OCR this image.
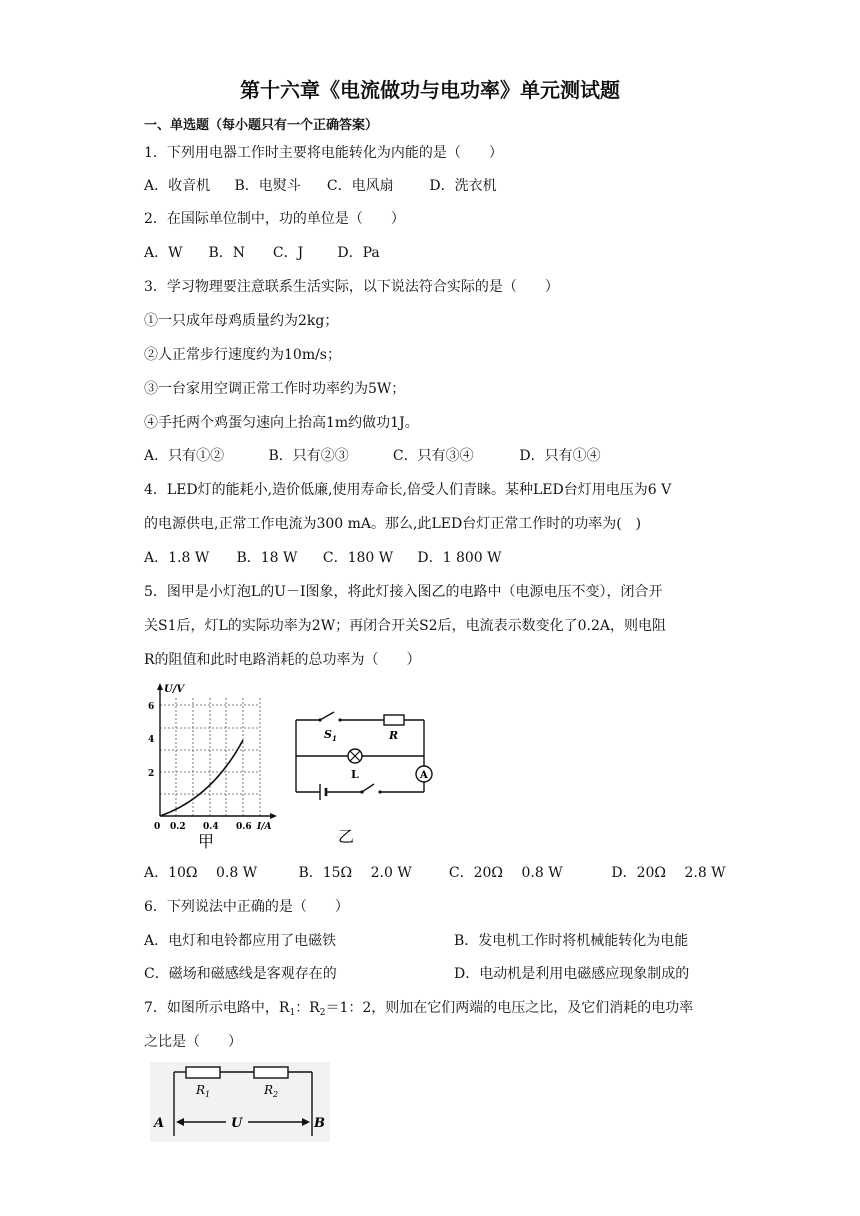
第十六章《电流做功与电功率》单元测试题
一、单选题（每小题只有一个正确答案）
1．下列用电器工作时主要将电能转化为内能的是（　　）
A．收音机 B．电熨斗 C．电风扇	D．洗衣机
2．在国际单位制中，功的单位是（　　）
A．W B．N C．J D．Pa
3．学习物理要注意联系生活实际，以下说法符合实际的是（　　）
①一只成年母鸡质量约为2kg；
②人正常步行速度约为10m/s；
③一台家用空调正常工作时功率约为5W；
④手托两个鸡蛋匀速向上抬高1m约做功1J。
A．只有①②	B．只有②③	C．只有③④	D．只有①④
4．LED灯的能耗小,造价低廉,使用寿命长,倍受人们青睐。某种LED台灯用电压为6 V
的电源供电,正常工作电流为300 mA。那么,此LED台灯正常工作时的功率为(　)
A．1.8 W B．18 W C．180 W D．1 800 W
5．图甲是小灯泡L的U－I图象，将此灯接入图乙的电路中（电源电压不变），闭合开
关S1后，灯L的实际功率为2W；再闭合开关S2后，电流表示数变化了0.2A，则电阻
R的阻值和此时电路消耗的总功率为（　　）
U/V
6
4
2
0 0.2 0.4 0.6 I/A
甲
A
$S_1$	R
L
乙
A．10Ω　 0.8 W	B．15Ω　 2.0 W	C．20Ω　 0.8 W	D．20Ω　 2.8 W
6．下列说法中正确的是（　　）
A．电灯和电铃都应用了电磁铁	B．发电机工作时将机械能转化为电能
C．磁场和磁感线是客观存在的	D．电动机是利用电磁感应现象制成的
7．如图所示电路中，$R_1$：$R_2=1$：2，则加在它们两端的电压之比，及它们消耗的电功率
之比是（　　）
$R_1$	$R_2$
A	U	B
